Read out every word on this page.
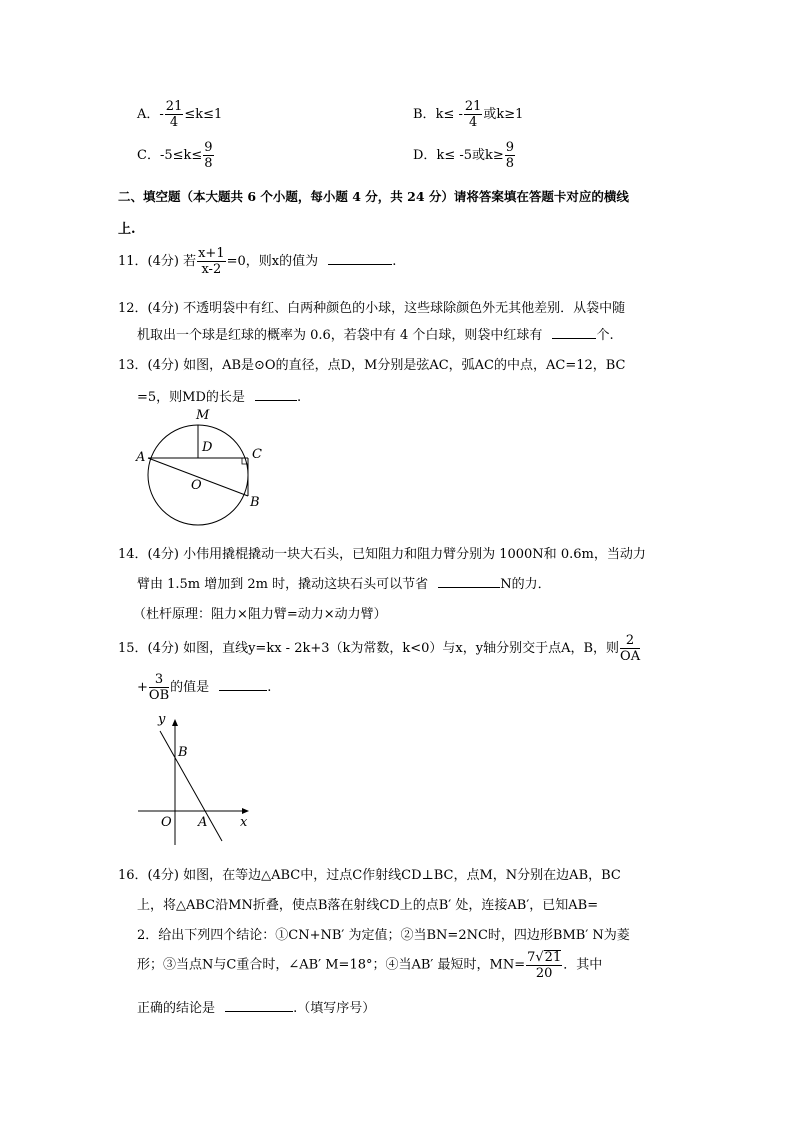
A．- $\frac{21}{4} \le k\le 1$	B．$k\le - \frac{21}{4}$ 或k≥1
C．$-5\le k\le \frac{9}{8}$	D．k≤ -5或$k\ge \frac{9}{8}$
二、填空题（本大题共 6 个小题，每小题 4 分，共 24 分）请将答案填在答题卡对应的横线
上.
11．(4分) 若 $\frac{x+1}{x-2} =0$，则x的值为	.
12．(4分) 不透明袋中有红、白两种颜色的小球，这些球除颜色外无其他差别．从袋中随
机取出一个球是红球的概率为 0.6，若袋中有 4 个白球，则袋中红球有	个.
13．(4分) 如图，AB是⊙O的直径，点D，M分别是弦AC，弧AC的中点，AC=12，BC
=5，则MD的长是	.
M
D
A	C
O
B
14．(4分) 小伟用撬棍撬动一块大石头，已知阻力和阻力臂分别为 1000N和 0.6m，当动力
臂由 1.5m 增加到 2m 时，撬动这块石头可以节省	N的力．
（杜杆原理：阻力×阻力臂=动力×动力臂）
15．(4分) 如图，直线y=kx - 2k+3（k为常数，k<0）与x，y轴分别交于点A，B，则 $\frac{2}{OA}$
+ $\frac{3}{OB}$ 的值是	.
y
B
O A	x
16．(4分) 如图，在等边△ABC中，过点C作射线CD⊥BC，点M，N分别在边AB，BC
上，将△ABC沿MN折叠，使点B落在射线CD上的点B′ 处，连接AB′，已知AB=
2．给出下列四个结论：①CN+NB′ 为定值；②当BN=2NC时，四边形BMB′ N为菱
形；③当点N与C重合时，∠AB′ M=18°；④当AB′ 最短时，$MN= \frac{7√21}{20}$ ．其中
正确的结论是	.（填写序号）
